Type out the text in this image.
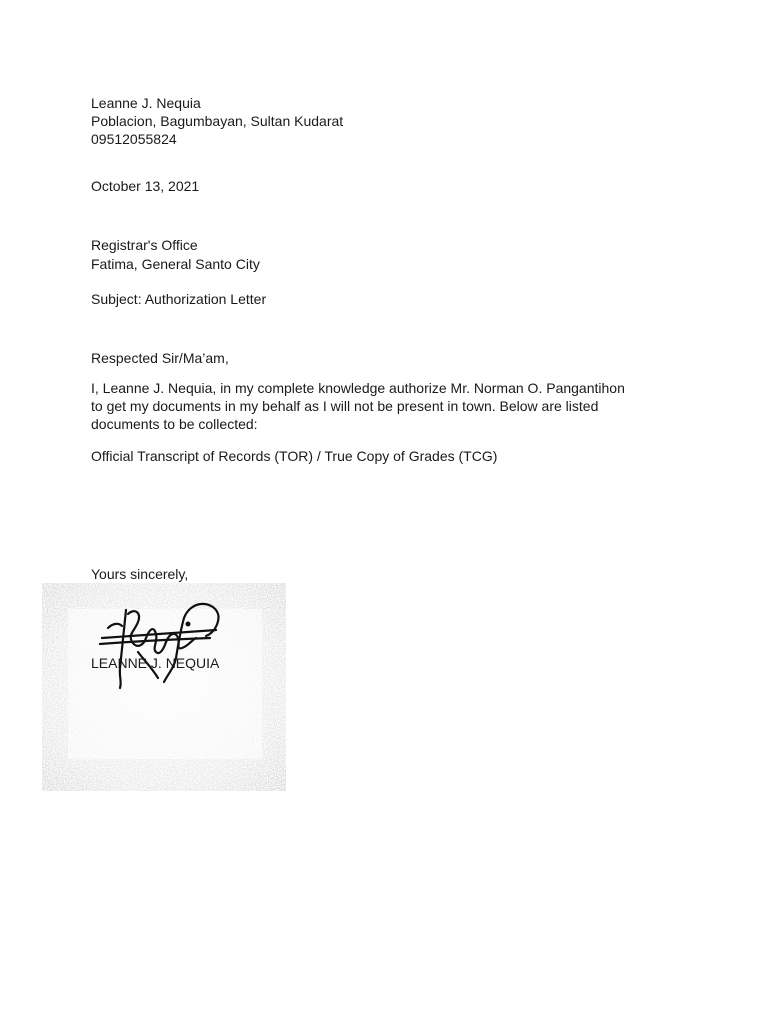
Leanne J. Nequia
Poblacion, Bagumbayan, Sultan Kudarat
09512055824
October 13, 2021
Registrar's Office
Fatima, General Santo City
Subject: Authorization Letter
Respected Sir/Ma’am,
I, Leanne J. Nequia, in my complete knowledge authorize Mr. Norman O. Pangantihon
to get my documents in my behalf as I will not be present in town. Below are listed
documents to be collected:
Official Transcript of Records (TOR) / True Copy of Grades (TCG)
Yours sincerely,
LEANNE J. NEQUIA
